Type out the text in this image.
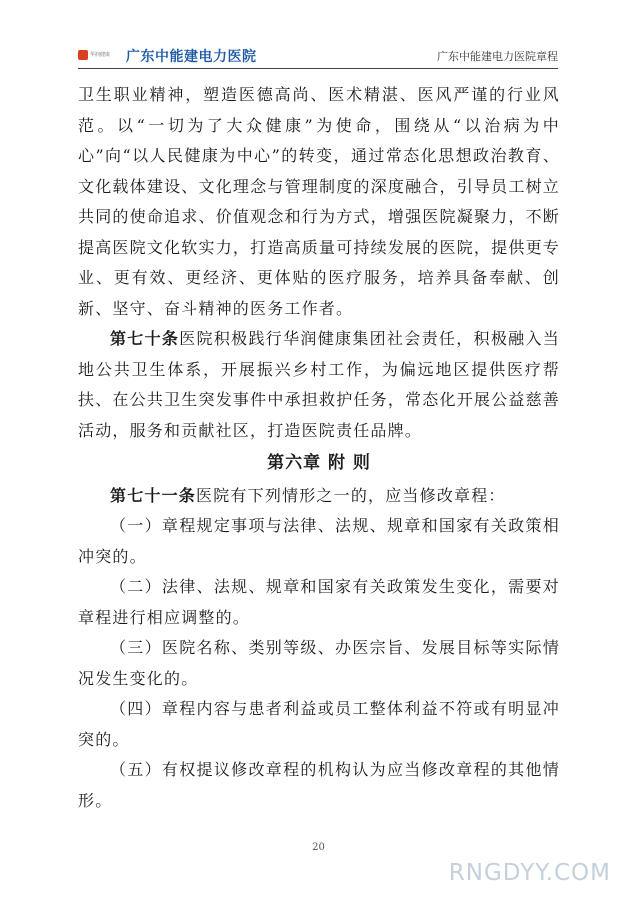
华润健康 广东中能建电力医院	广东中能建电力医院章程

卫生职业精神，塑造医德高尚、医术精湛、医风严谨的行业风范。以“一切为了大众健康”为使命，围绕从“以治病为中心”向“以人民健康为中心”的转变，通过常态化思想政治教育、文化载体建设、文化理念与管理制度的深度融合，引导员工树立共同的使命追求、价值观念和行为方式，增强医院凝聚力，不断提高医院文化软实力，打造高质量可持续发展的医院，提供更专业、更有效、更经济、更体贴的医疗服务，培养具备奉献、创新、坚守、奋斗精神的医务工作者。

第七十条医院积极践行华润健康集团社会责任，积极融入当地公共卫生体系，开展振兴乡村工作，为偏远地区提供医疗帮扶、在公共卫生突发事件中承担救护任务，常态化开展公益慈善活动，服务和贡献社区，打造医院责任品牌。

第六章 附 则

第七十一条医院有下列情形之一的，应当修改章程：

（一）章程规定事项与法律、法规、规章和国家有关政策相冲突的。

（二）法律、法规、规章和国家有关政策发生变化，需要对章程进行相应调整的。

（三）医院名称、类别等级、办医宗旨、发展目标等实际情况发生变化的。

（四）章程内容与患者利益或员工整体利益不符或有明显冲突的。

（五）有权提议修改章程的机构认为应当修改章程的其他情形。

20
RNGDYY.COM
